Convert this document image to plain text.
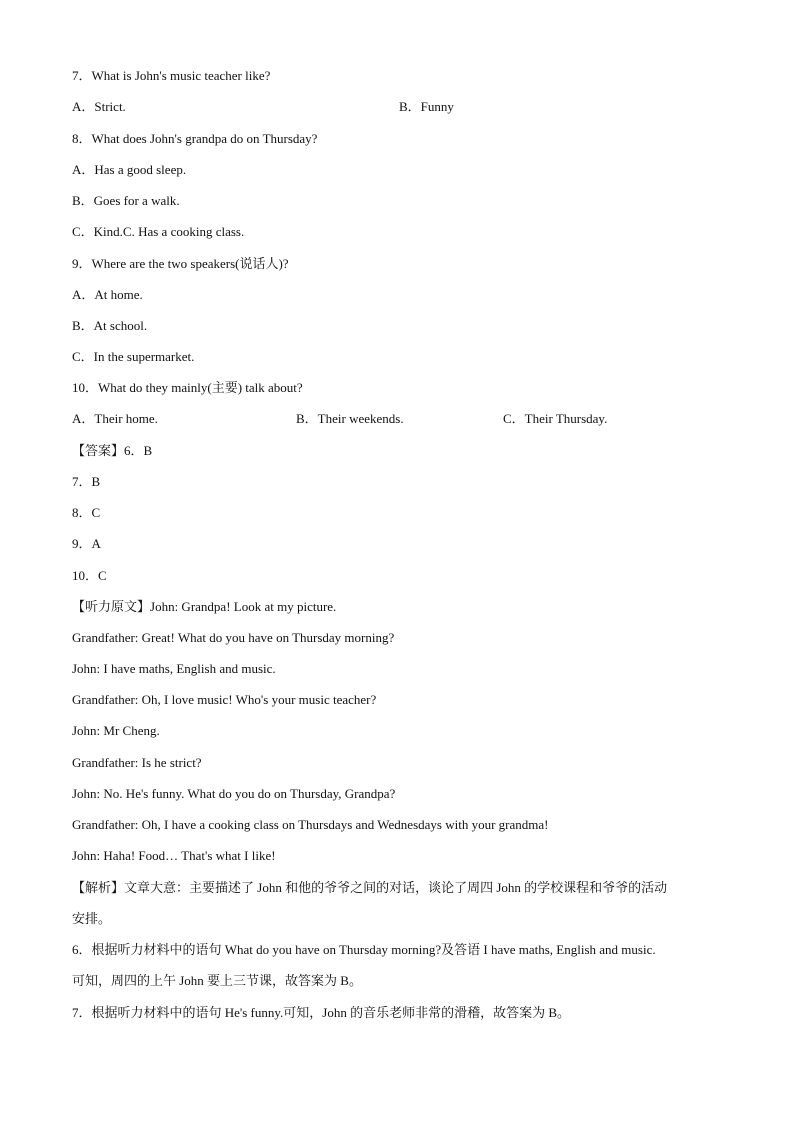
7．What is John's music teacher like?
A．Strict.	B．Funny
8．What does John's grandpa do on Thursday?
A．Has a good sleep.
B．Goes for a walk.
C．Kind.C. Has a cooking class.
9．Where are the two speakers(说话人)?
A．At home.
B．At school.
C．In the supermarket.
10．What do they mainly(主要) talk about?
A．Their home.	B．Their weekends.	C．Their Thursday.
【答案】6．B
7．B
8．C
9．A
10．C
【听力原文】John: Grandpa! Look at my picture.
Grandfather: Great! What do you have on Thursday morning?
John: I have maths, English and music.
Grandfather: Oh, I love music! Who's your music teacher?
John: Mr Cheng.
Grandfather: Is he strict?
John: No. He's funny. What do you do on Thursday, Grandpa?
Grandfather: Oh, I have a cooking class on Thursdays and Wednesdays with your grandma!
John: Haha! Food… That's what I like!
【解析】文章大意：主要描述了 John 和他的爷爷之间的对话，谈论了周四 John 的学校课程和爷爷的活动
安排。
6．根据听力材料中的语句 What do you have on Thursday morning?及答语 I have maths, English and music.
可知，周四的上午 John 要上三节课，故答案为 B。
7．根据听力材料中的语句 He's funny.可知，John 的音乐老师非常的滑稽，故答案为 B。
